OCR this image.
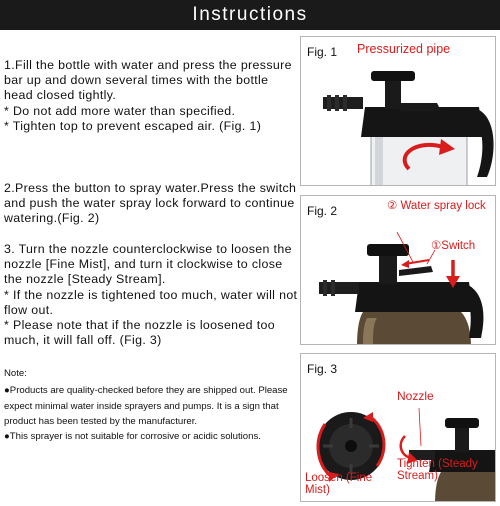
Instructions

1.Fill the bottle with water and press the pressure bar up and down several times with the bottle head closed tightly.

* Do not add more water than specified.

* Tighten top to prevent escaped air. (Fig. 1)

2.Press the button to spray water.Press the switch and push the water spray lock forward to continue watering.(Fig. 2)

3. Turn the nozzle counterclockwise to loosen the nozzle [Fine Mist], and turn it clockwise to close the nozzle [Steady Stream].

* If the nozzle is tightened too much, water will not flow out.

* Please note that if the nozzle is loosened too much, it will fall off. (Fig. 3)

Note:

●Products are quality-checked before they are shipped out. Please expect minimal water inside sprayers and pumps. It is a sign that product has been tested by the manufacturer.

●This sprayer is not suitable for corrosive or acidic solutions.

Fig. 1 Pressurized pipe
Fig. 2	② Water spray lock
①Switch
Fig. 3
Nozzle
Loosen (Fine Mist)
Tighten (Steady Stream)
